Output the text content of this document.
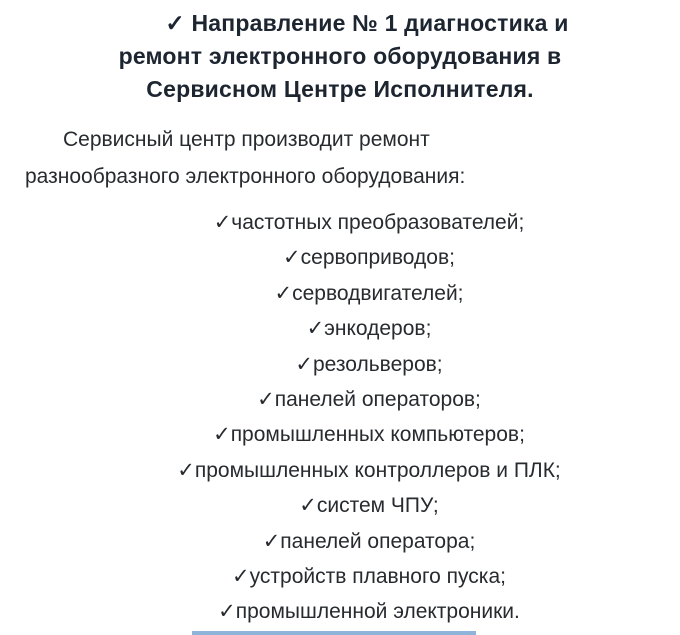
✓ Направление № 1 диагностика и
ремонт электронного оборудования в
Сервисном Центре Исполнителя.
Сервисный центр производит ремонт
разнообразного электронного оборудования:
✓частотных преобразователей;
✓сервоприводов;
✓серводвигателей;
✓энкодеров;
✓резольверов;
✓панелей операторов;
✓промышленных компьютеров;
✓промышленных контроллеров и ПЛК;
✓систем ЧПУ;
✓панелей оператора;
✓устройств плавного пуска;
✓промышленной электроники.
